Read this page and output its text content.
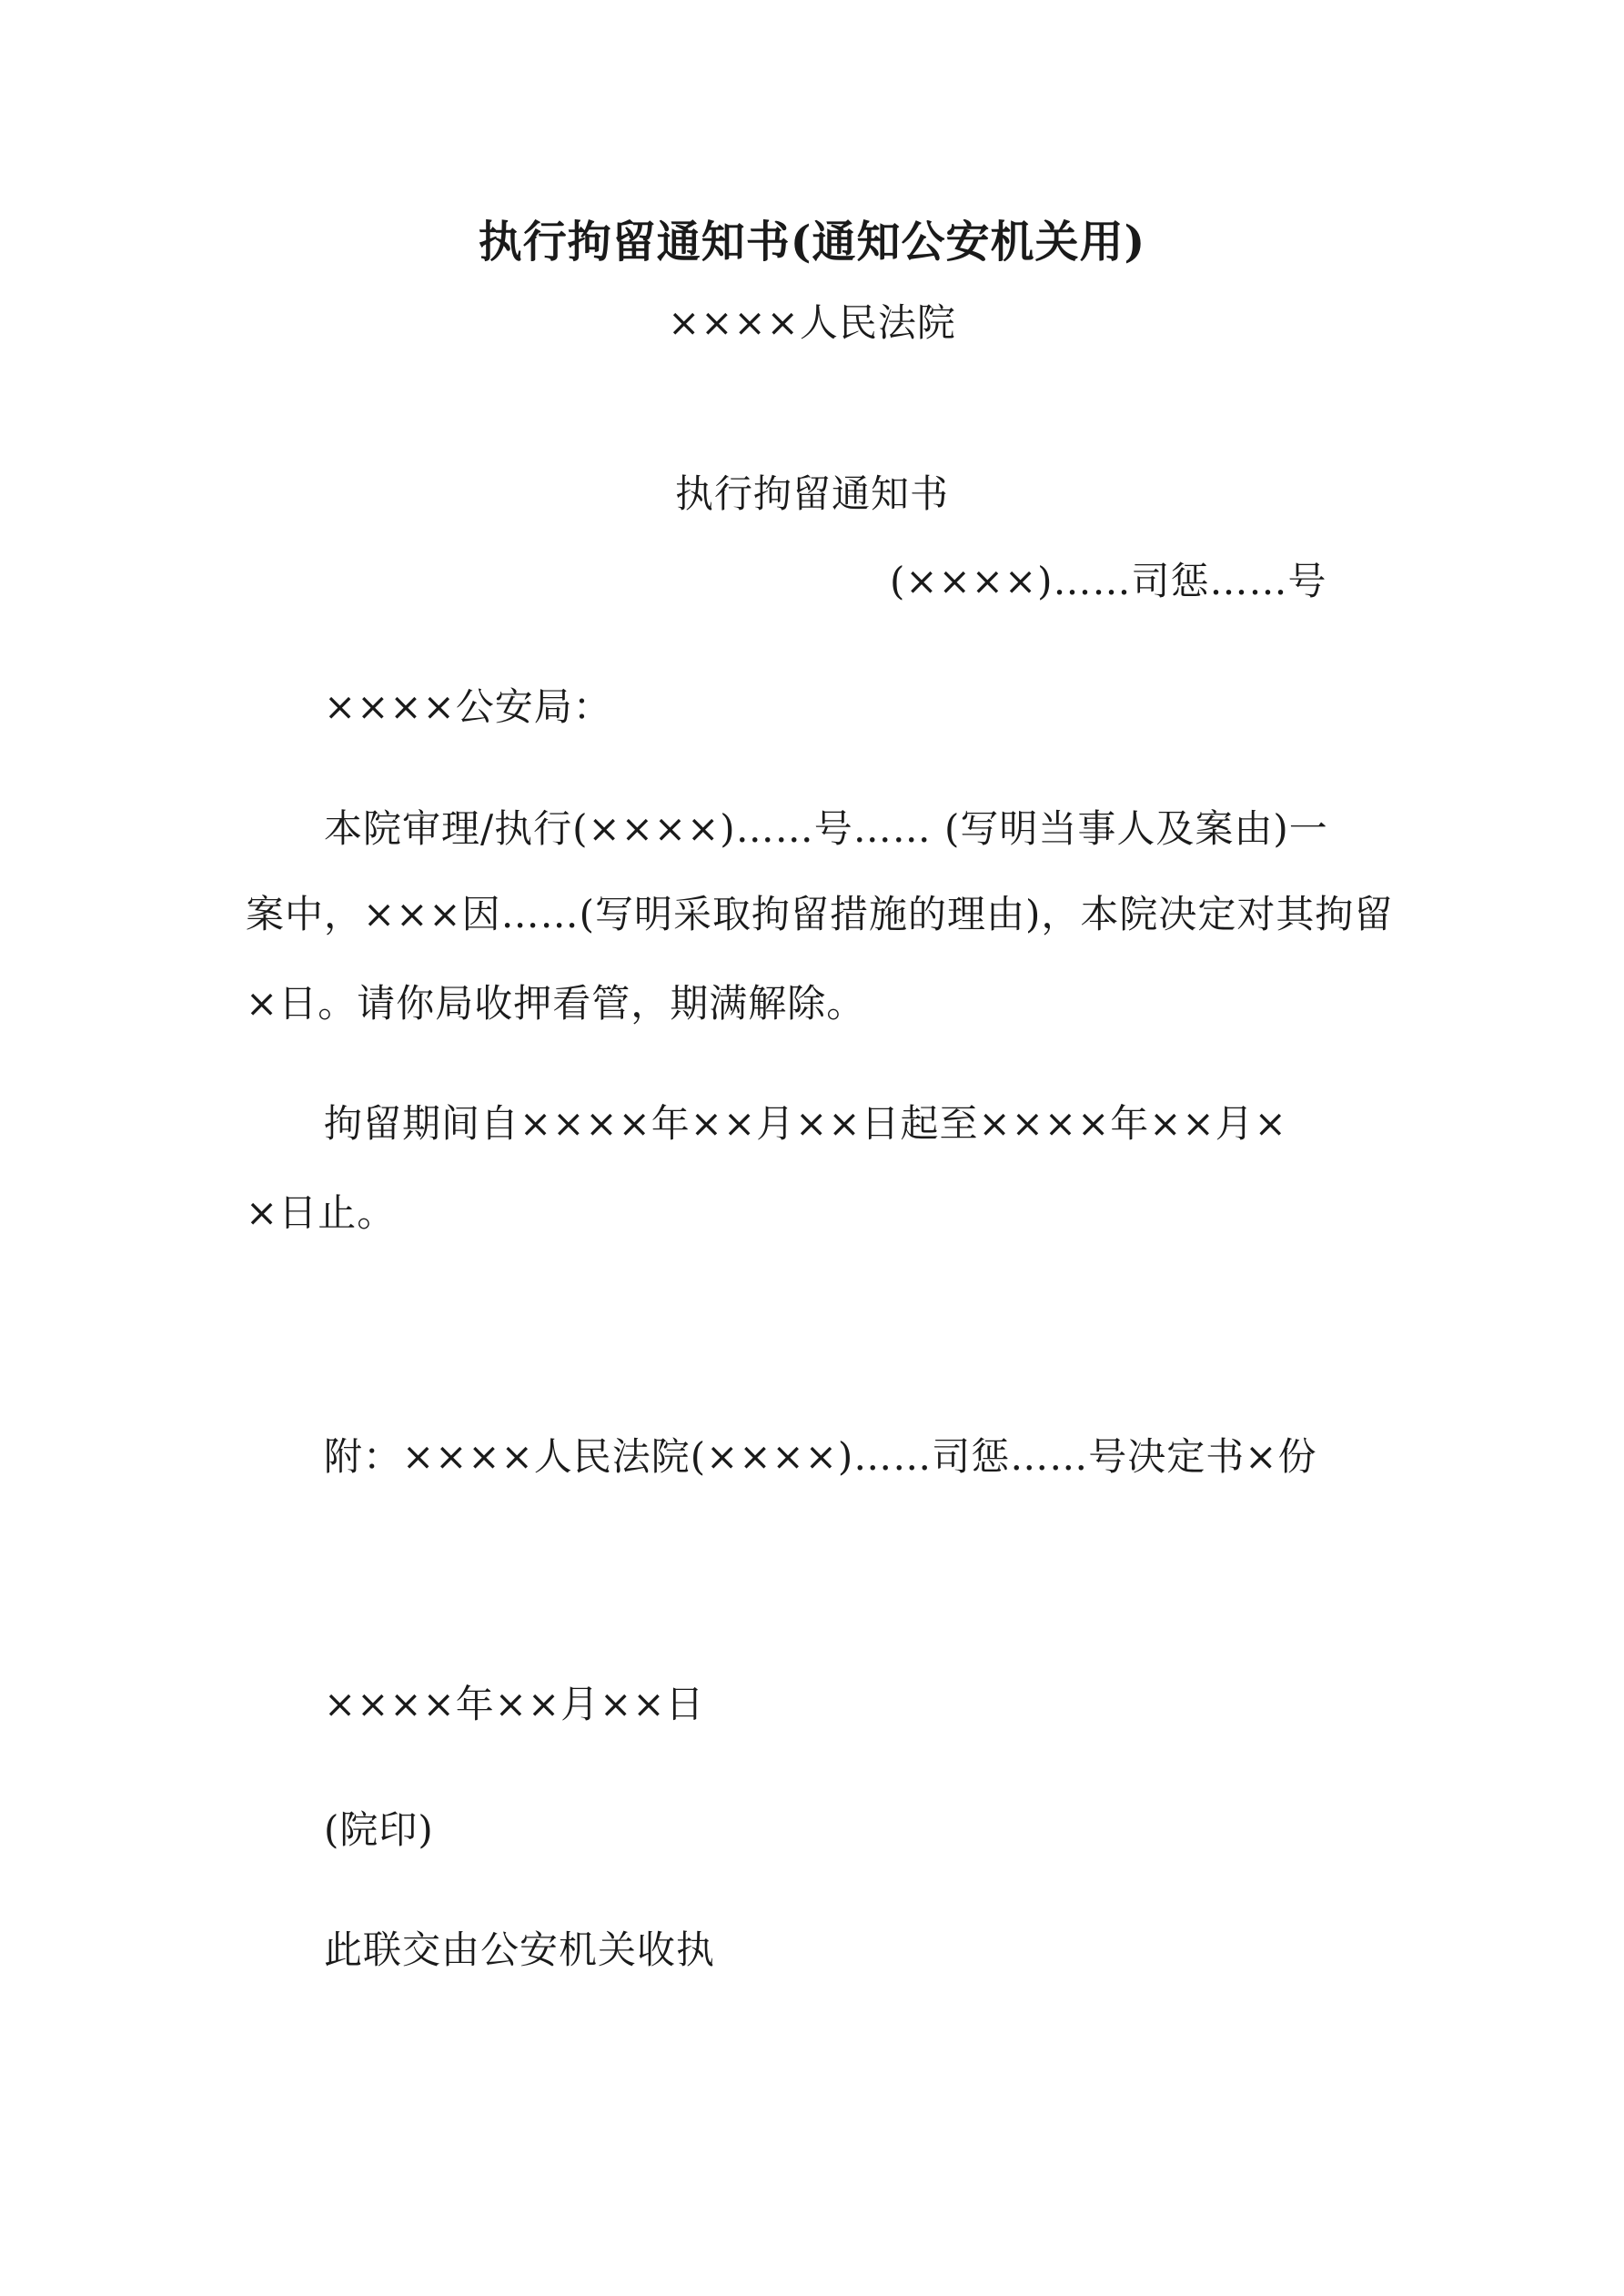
执行拘留通知书(通知公安机关用)
××××人民法院
执行拘留通知书
(××××)……司惩……号
××××公安局：
本院审理/执行(××××)……号…… (写明当事人及案由)一
案中，×××因……(写明采取拘留措施的理由)，本院决定对其拘留
×日。请你局收押看管，期满解除。
拘留期间自××××年××月××日起至××××年××月×
×日止。
附：××××人民法院(××××)……司惩……号决定书×份
××××年××月××日
(院印)
此联交由公安机关收执
